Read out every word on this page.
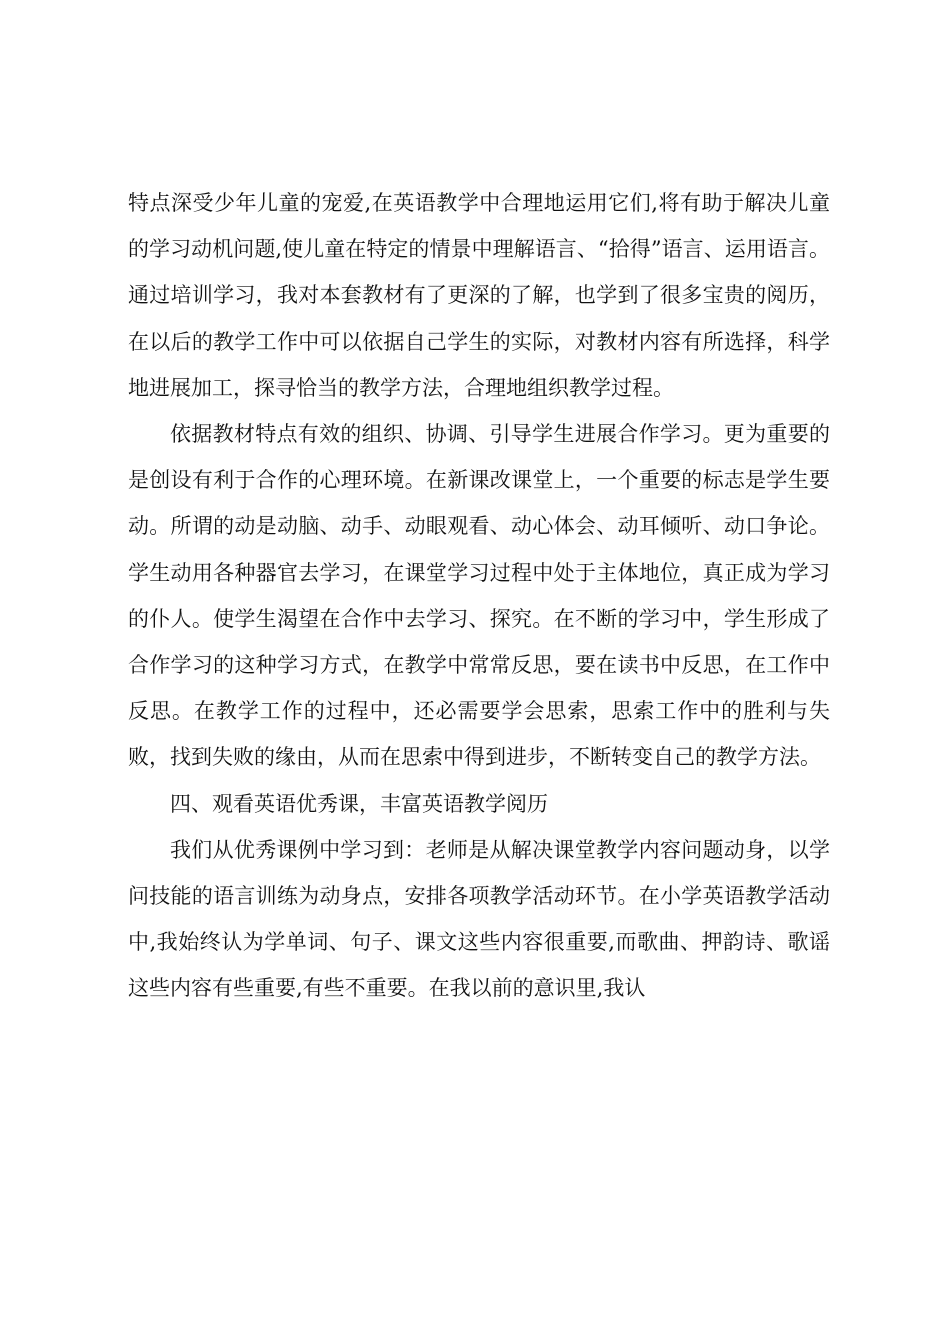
特点深受少年儿童的宠爱,在英语教学中合理地运用它们,将有助于解决儿童的学习动机问题,使儿童在特定的情景中理解语言、“拾得”语言、运用语言。通过培训学习，我对本套教材有了更深的了解，也学到了很多宝贵的阅历，在以后的教学工作中可以依据自己学生的实际，对教材内容有所选择，科学地进展加工，探寻恰当的教学方法，合理地组织教学过程。

依据教材特点有效的组织、协调、引导学生进展合作学习。更为重要的是创设有利于合作的心理环境。在新课改课堂上，一个重要的标志是学生要动。所谓的动是动脑、动手、动眼观看、动心体会、动耳倾听、动口争论。学生动用各种器官去学习，在课堂学习过程中处于主体地位，真正成为学习的仆人。使学生渴望在合作中去学习、探究。在不断的学习中，学生形成了合作学习的这种学习方式，在教学中常常反思，要在读书中反思，在工作中反思。在教学工作的过程中，还必需要学会思索，思索工作中的胜利与失败，找到失败的缘由，从而在思索中得到进步，不断转变自己的教学方法。

四、观看英语优秀课，丰富英语教学阅历

我们从优秀课例中学习到：老师是从解决课堂教学内容问题动身，以学问技能的语言训练为动身点，安排各项教学活动环节。在小学英语教学活动中,我始终认为学单词、句子、课文这些内容很重要,而歌曲、押韵诗、歌谣这些内容有些重要,有些不重要。在我以前的意识里,我认
